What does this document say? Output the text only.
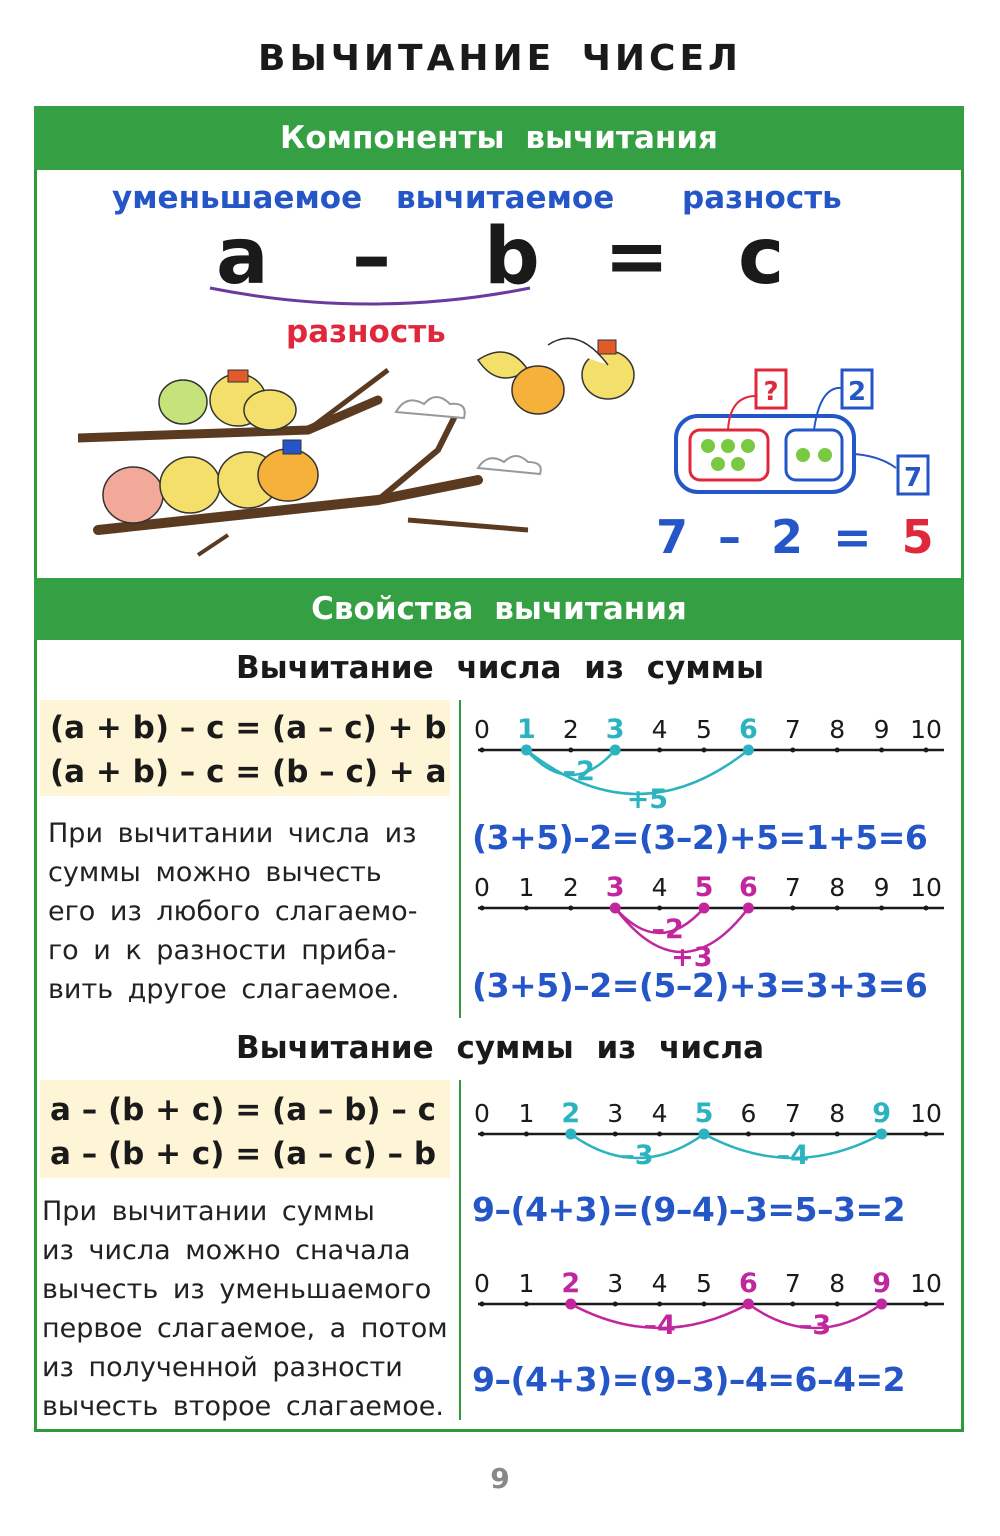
ВЫЧИТАНИЕ ЧИСЕЛ
Компоненты вычитания
уменьшаемое вычитаемое разность
a – b = c
разность
?	2
7
7 – 2 = 5
Свойства вычитания
Вычитание числа из суммы
(a + b) – c = (a – c) + b
(a + b) – c = (b – c) + a
При вычитании числа из
суммы можно вычесть
его из любого слагаемо-
го и к разности приба-
вить другое слагаемое.
0 1 2 3 4 5 6 7 8 9 10
–2
+5
(3+5)–2=(3–2)+5=1+5=6
0 1 2 3 4 5 6 7 8 9 10
–2
+3
(3+5)–2=(5–2)+3=3+3=6
Вычитание суммы из числа
a – (b + c) = (a – b) – c
a – (b + c) = (a – c) – b
При вычитании суммы
из числа можно сначала
вычесть из уменьшаемого
первое слагаемое, а потом
из полученной разности
вычесть второе слагаемое.
0 1 2 3 4 5 6 7 8 9 10
–3	–4
9–(4+3)=(9–4)–3=5–3=2
0 1 2 3 4 5 6 7 8 9 10
–4	–3
9–(4+3)=(9–3)–4=6–4=2
9
